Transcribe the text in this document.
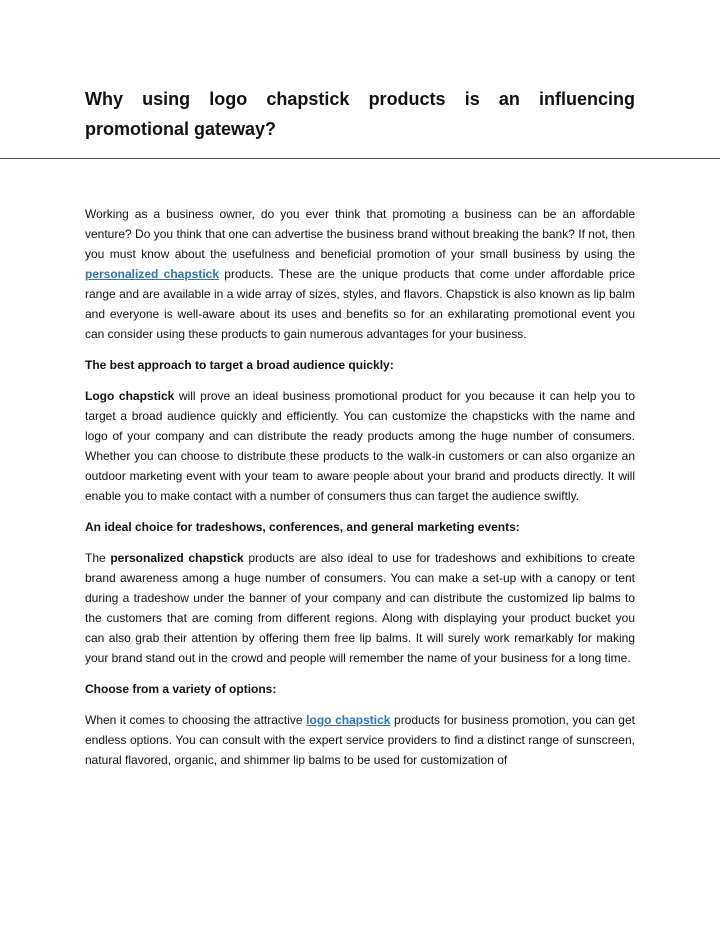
Why using logo chapstick products is an influencing promotional gateway?

Working as a business owner, do you ever think that promoting a business can be an affordable venture? Do you think that one can advertise the business brand without breaking the bank? If not, then you must know about the usefulness and beneficial promotion of your small business by using the personalized chapstick products. These are the unique products that come under affordable price range and are available in a wide array of sizes, styles, and flavors. Chapstick is also known as lip balm and everyone is well-aware about its uses and benefits so for an exhilarating promotional event you can consider using these products to gain numerous advantages for your business.

The best approach to target a broad audience quickly:

Logo chapstick will prove an ideal business promotional product for you because it can help you to target a broad audience quickly and efficiently. You can customize the chapsticks with the name and logo of your company and can distribute the ready products among the huge number of consumers. Whether you can choose to distribute these products to the walk-in customers or can also organize an outdoor marketing event with your team to aware people about your brand and products directly. It will enable you to make contact with a number of consumers thus can target the audience swiftly.

An ideal choice for tradeshows, conferences, and general marketing events:

The personalized chapstick products are also ideal to use for tradeshows and exhibitions to create brand awareness among a huge number of consumers. You can make a set-up with a canopy or tent during a tradeshow under the banner of your company and can distribute the customized lip balms to the customers that are coming from different regions. Along with displaying your product bucket you can also grab their attention by offering them free lip balms. It will surely work remarkably for making your brand stand out in the crowd and people will remember the name of your business for a long time.

Choose from a variety of options:

When it comes to choosing the attractive logo chapstick products for business promotion, you can get endless options. You can consult with the expert service providers to find a distinct range of sunscreen, natural flavored, organic, and shimmer lip balms to be used for customization of
